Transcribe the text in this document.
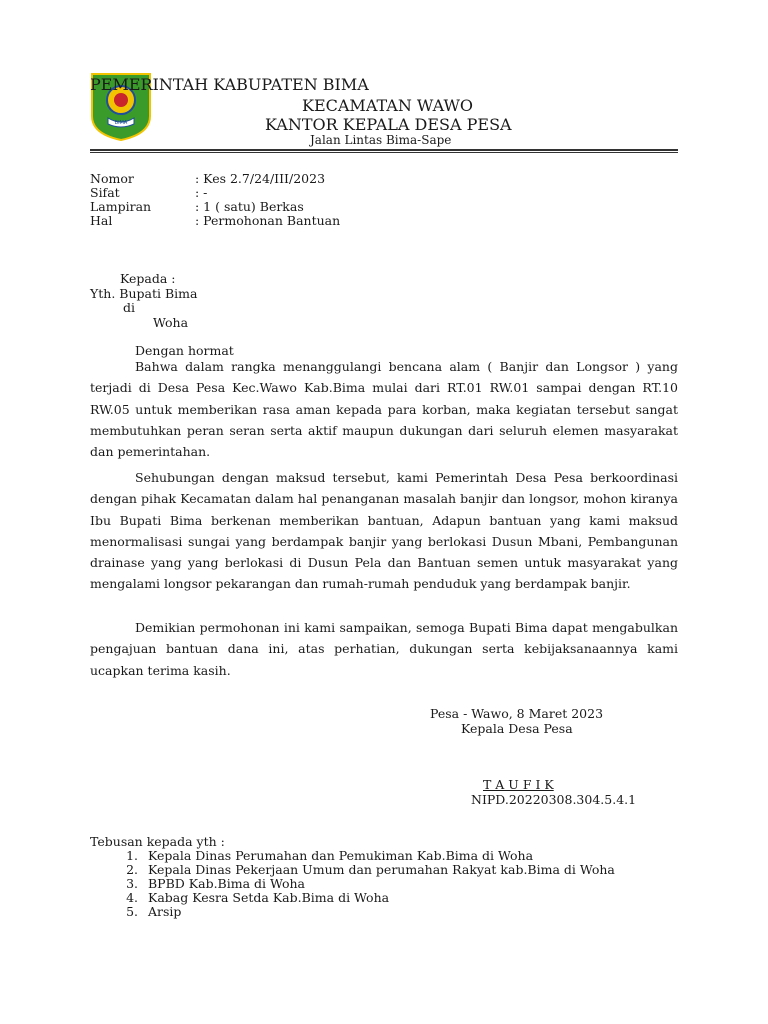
BIMA
PEMERINTAH KABUPATEN BIMA
KECAMATAN WAWO
KANTOR KEPALA DESA PESA
Jalan Lintas Bima-Sape
Nomor	: Kes 2.7/24/III/2023
Sifat	: -
Lampiran	: 1 ( satu) Berkas
Hal	: Permohonan Bantuan
Kepada :
Yth. Bupati Bima
di
Woha
Dengan hormat
Bahwa dalam rangka menanggulangi bencana alam ( Banjir dan Longsor ) yang terjadi di Desa Pesa Kec.Wawo Kab.Bima mulai dari RT.01 RW.01 sampai dengan RT.10 RW.05 untuk memberikan rasa aman kepada para korban, maka kegiatan tersebut sangat membutuhkan peran seran serta aktif maupun dukungan dari seluruh elemen masyarakat dan pemerintahan.
Sehubungan dengan maksud tersebut, kami Pemerintah Desa Pesa berkoordinasi dengan pihak Kecamatan dalam hal penanganan masalah banjir dan longsor, mohon kiranya Ibu Bupati Bima berkenan memberikan bantuan, Adapun bantuan yang kami maksud menormalisasi sungai yang berdampak banjir yang berlokasi Dusun Mbani, Pembangunan drainase yang yang berlokasi di Dusun Pela dan Bantuan semen untuk masyarakat yang mengalami longsor pekarangan dan rumah-rumah penduduk yang berdampak banjir.
Demikian permohonan ini kami sampaikan, semoga Bupati Bima dapat mengabulkan pengajuan bantuan dana ini, atas perhatian, dukungan serta kebijaksanaannya kami ucapkan terima kasih.
Pesa - Wawo, 8 Maret 2023
Kepala Desa Pesa
T A U F I K
NIPD.20220308.304.5.4.1
Tebusan kepada yth :
1. Kepala Dinas Perumahan dan Pemukiman Kab.Bima di Woha
2. Kepala Dinas Pekerjaan Umum dan perumahan Rakyat kab.Bima di Woha
3. BPBD Kab.Bima di Woha
4. Kabag Kesra Setda Kab.Bima di Woha
5. Arsip
